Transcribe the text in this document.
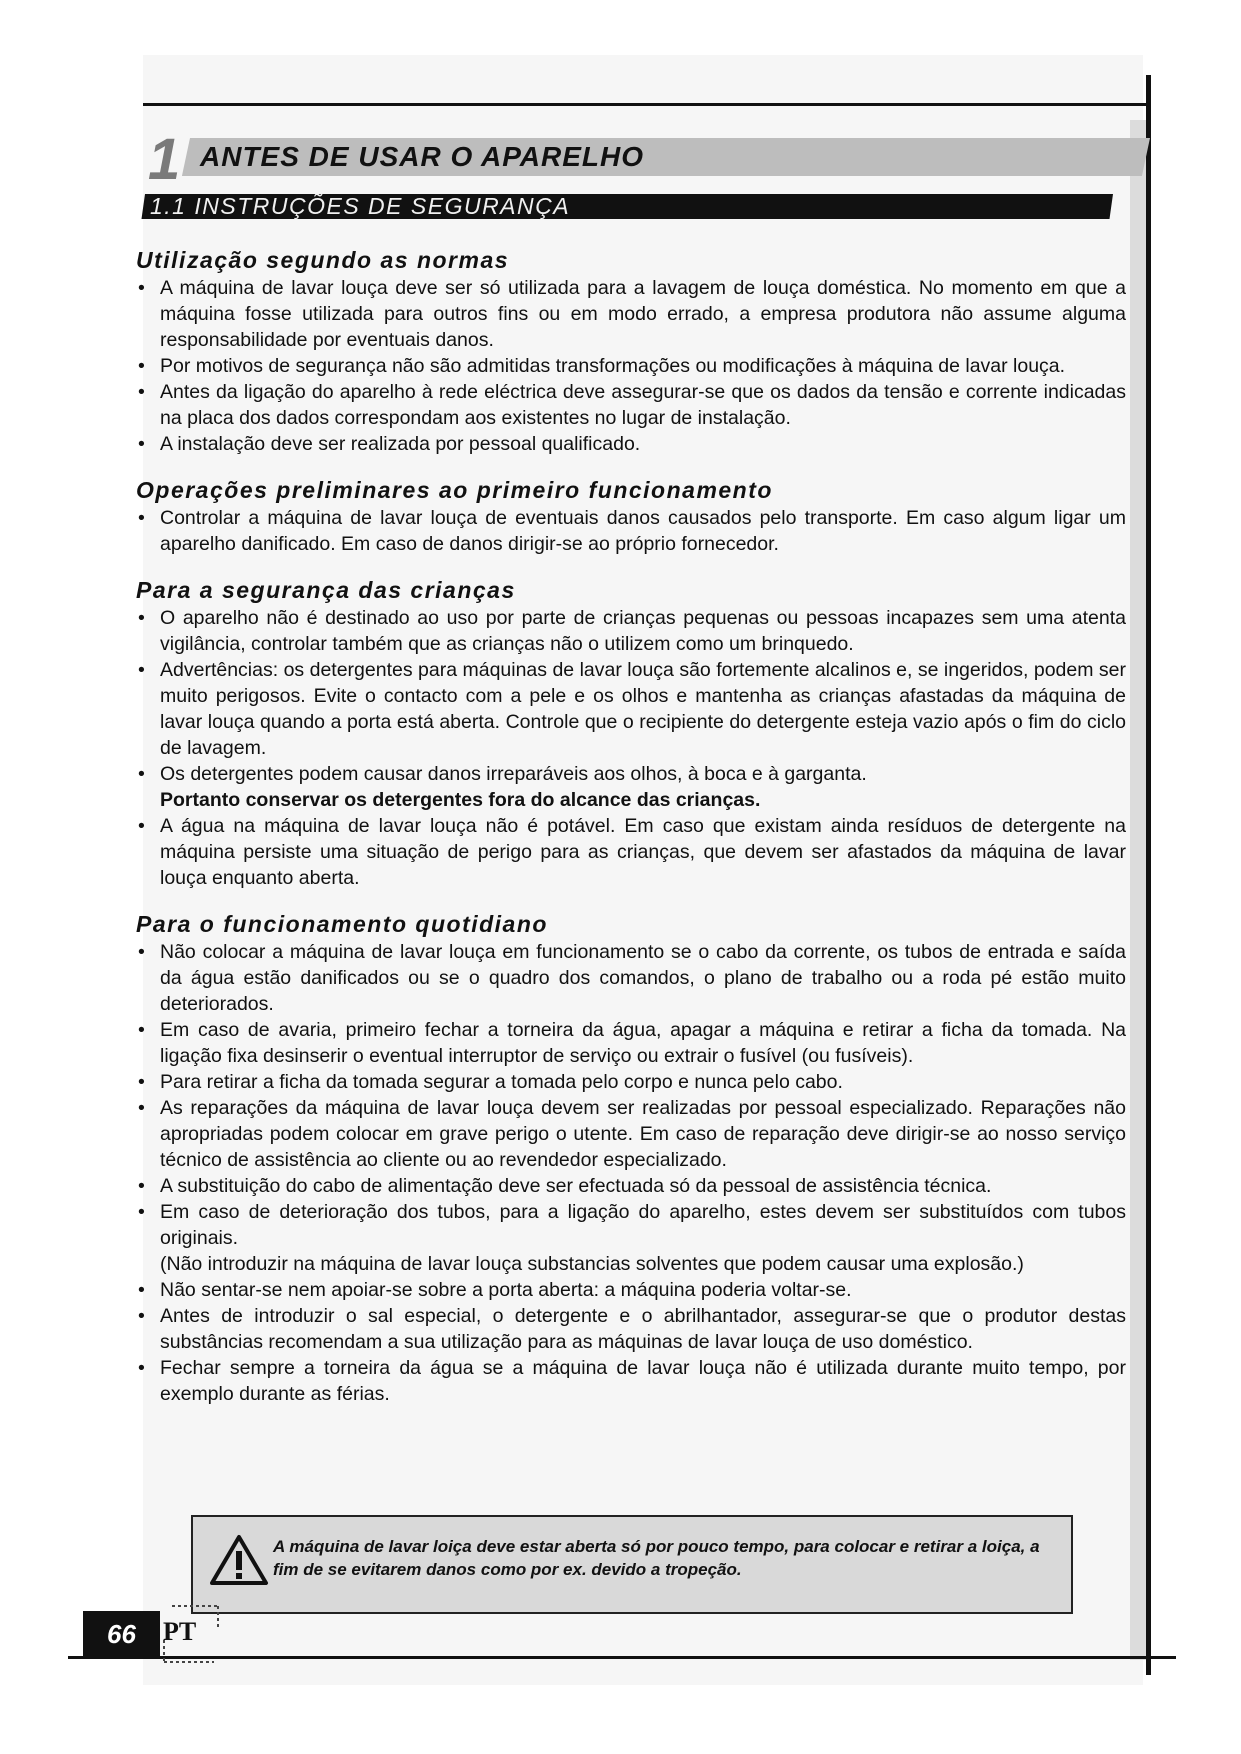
1 ANTES DE USAR O APARELHO
1.1 INSTRUÇÕES DE SEGURANÇA
Utilização segundo as normas
• A máquina de lavar louça deve ser só utilizada para a lavagem de louça doméstica. No momento em que a máquina fosse utilizada para outros fins ou em modo errado, a empresa produtora não assume alguma responsabilidade por eventuais danos.
• Por motivos de segurança não são admitidas transformações ou modificações à máquina de lavar louça.
• Antes da ligação do aparelho à rede eléctrica deve assegurar-se que os dados da tensão e corrente indicadas na placa dos dados correspondam aos existentes no lugar de instalação.
• A instalação deve ser realizada por pessoal qualificado.
Operações preliminares ao primeiro funcionamento
• Controlar a máquina de lavar louça de eventuais danos causados pelo transporte. Em caso algum ligar um aparelho danificado. Em caso de danos dirigir-se ao próprio fornecedor.
Para a segurança das crianças
• O aparelho não é destinado ao uso por parte de crianças pequenas ou pessoas incapazes sem uma atenta vigilância, controlar também que as crianças não o utilizem como um brinquedo.
• Advertências: os detergentes para máquinas de lavar louça são fortemente alcalinos e, se ingeridos, podem ser muito perigosos. Evite o contacto com a pele e os olhos e mantenha as crianças afastadas da máquina de lavar louça quando a porta está aberta. Controle que o recipiente do detergente esteja vazio após o fim do ciclo de lavagem.
• Os detergentes podem causar danos irreparáveis aos olhos, à boca e à garganta.
Portanto conservar os detergentes fora do alcance das crianças.
• A água na máquina de lavar louça não é potável. Em caso que existam ainda resíduos de detergente na máquina persiste uma situação de perigo para as crianças, que devem ser afastados da máquina de lavar louça enquanto aberta.
Para o funcionamento quotidiano
• Não colocar a máquina de lavar louça em funcionamento se o cabo da corrente, os tubos de entrada e saída da água estão danificados ou se o quadro dos comandos, o plano de trabalho ou a roda pé estão muito deteriorados.
• Em caso de avaria, primeiro fechar a torneira da água, apagar a máquina e retirar a ficha da tomada. Na ligação fixa desinserir o eventual interruptor de serviço ou extrair o fusível (ou fusíveis).
• Para retirar a ficha da tomada segurar a tomada pelo corpo e nunca pelo cabo.
• As reparações da máquina de lavar louça devem ser realizadas por pessoal especializado. Reparações não apropriadas podem colocar em grave perigo o utente. Em caso de reparação deve dirigir-se ao nosso serviço técnico de assistência ao cliente ou ao revendedor especializado.
• A substituição do cabo de alimentação deve ser efectuada só da pessoal de assistência técnica.
• Em caso de deterioração dos tubos, para a ligação do aparelho, estes devem ser substituídos com tubos originais.
(Não introduzir na máquina de lavar louça substancias solventes que podem causar uma explosão.)
• Não sentar-se nem apoiar-se sobre a porta aberta: a máquina poderia voltar-se.
• Antes de introduzir o sal especial, o detergente e o abrilhantador, assegurar-se que o produtor destas substâncias recomendam a sua utilização para as máquinas de lavar louça de uso doméstico.
• Fechar sempre a torneira da água se a máquina de lavar louça não é utilizada durante muito tempo, por exemplo durante as férias.
A máquina de lavar loiça deve estar aberta só por pouco tempo, para colocar e retirar a loiça, a fim de se evitarem danos como por ex. devido a tropeção.
66	PT
